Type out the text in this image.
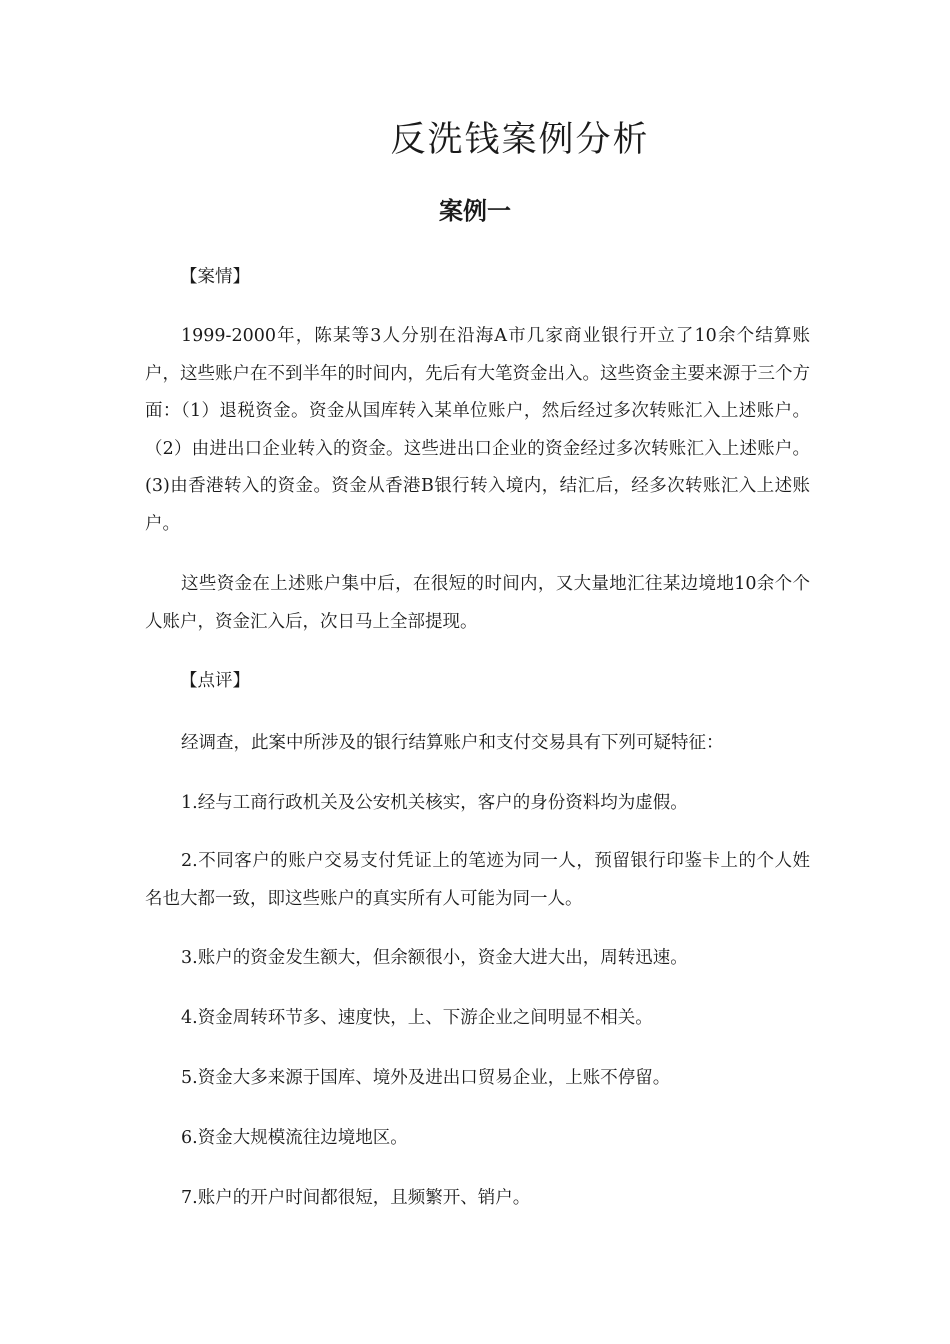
反洗钱案例分析
案例一

【案情】

1999-2000年，陈某等3人分别在沿海A市几家商业银行开立了10余个结算账户，这些账户在不到半年的时间内，先后有大笔资金出入。这些资金主要来源于三个方面：（1）退税资金。资金从国库转入某单位账户，然后经过多次转账汇入上述账户。（2）由进出口企业转入的资金。这些进出口企业的资金经过多次转账汇入上述账户。(3)由香港转入的资金。资金从香港B银行转入境内，结汇后，经多次转账汇入上述账户。

这些资金在上述账户集中后，在很短的时间内，又大量地汇往某边境地10余个个人账户，资金汇入后，次日马上全部提现。

【点评】

经调查，此案中所涉及的银行结算账户和支付交易具有下列可疑特征：

1.经与工商行政机关及公安机关核实，客户的身份资料均为虚假。

2.不同客户的账户交易支付凭证上的笔迹为同一人，预留银行印鉴卡上的个人姓名也大都一致，即这些账户的真实所有人可能为同一人。

3.账户的资金发生额大，但余额很小，资金大进大出，周转迅速。

4.资金周转环节多、速度快，上、下游企业之间明显不相关。

5.资金大多来源于国库、境外及进出口贸易企业，上账不停留。

6.资金大规模流往边境地区。

7.账户的开户时间都很短，且频繁开、销户。
